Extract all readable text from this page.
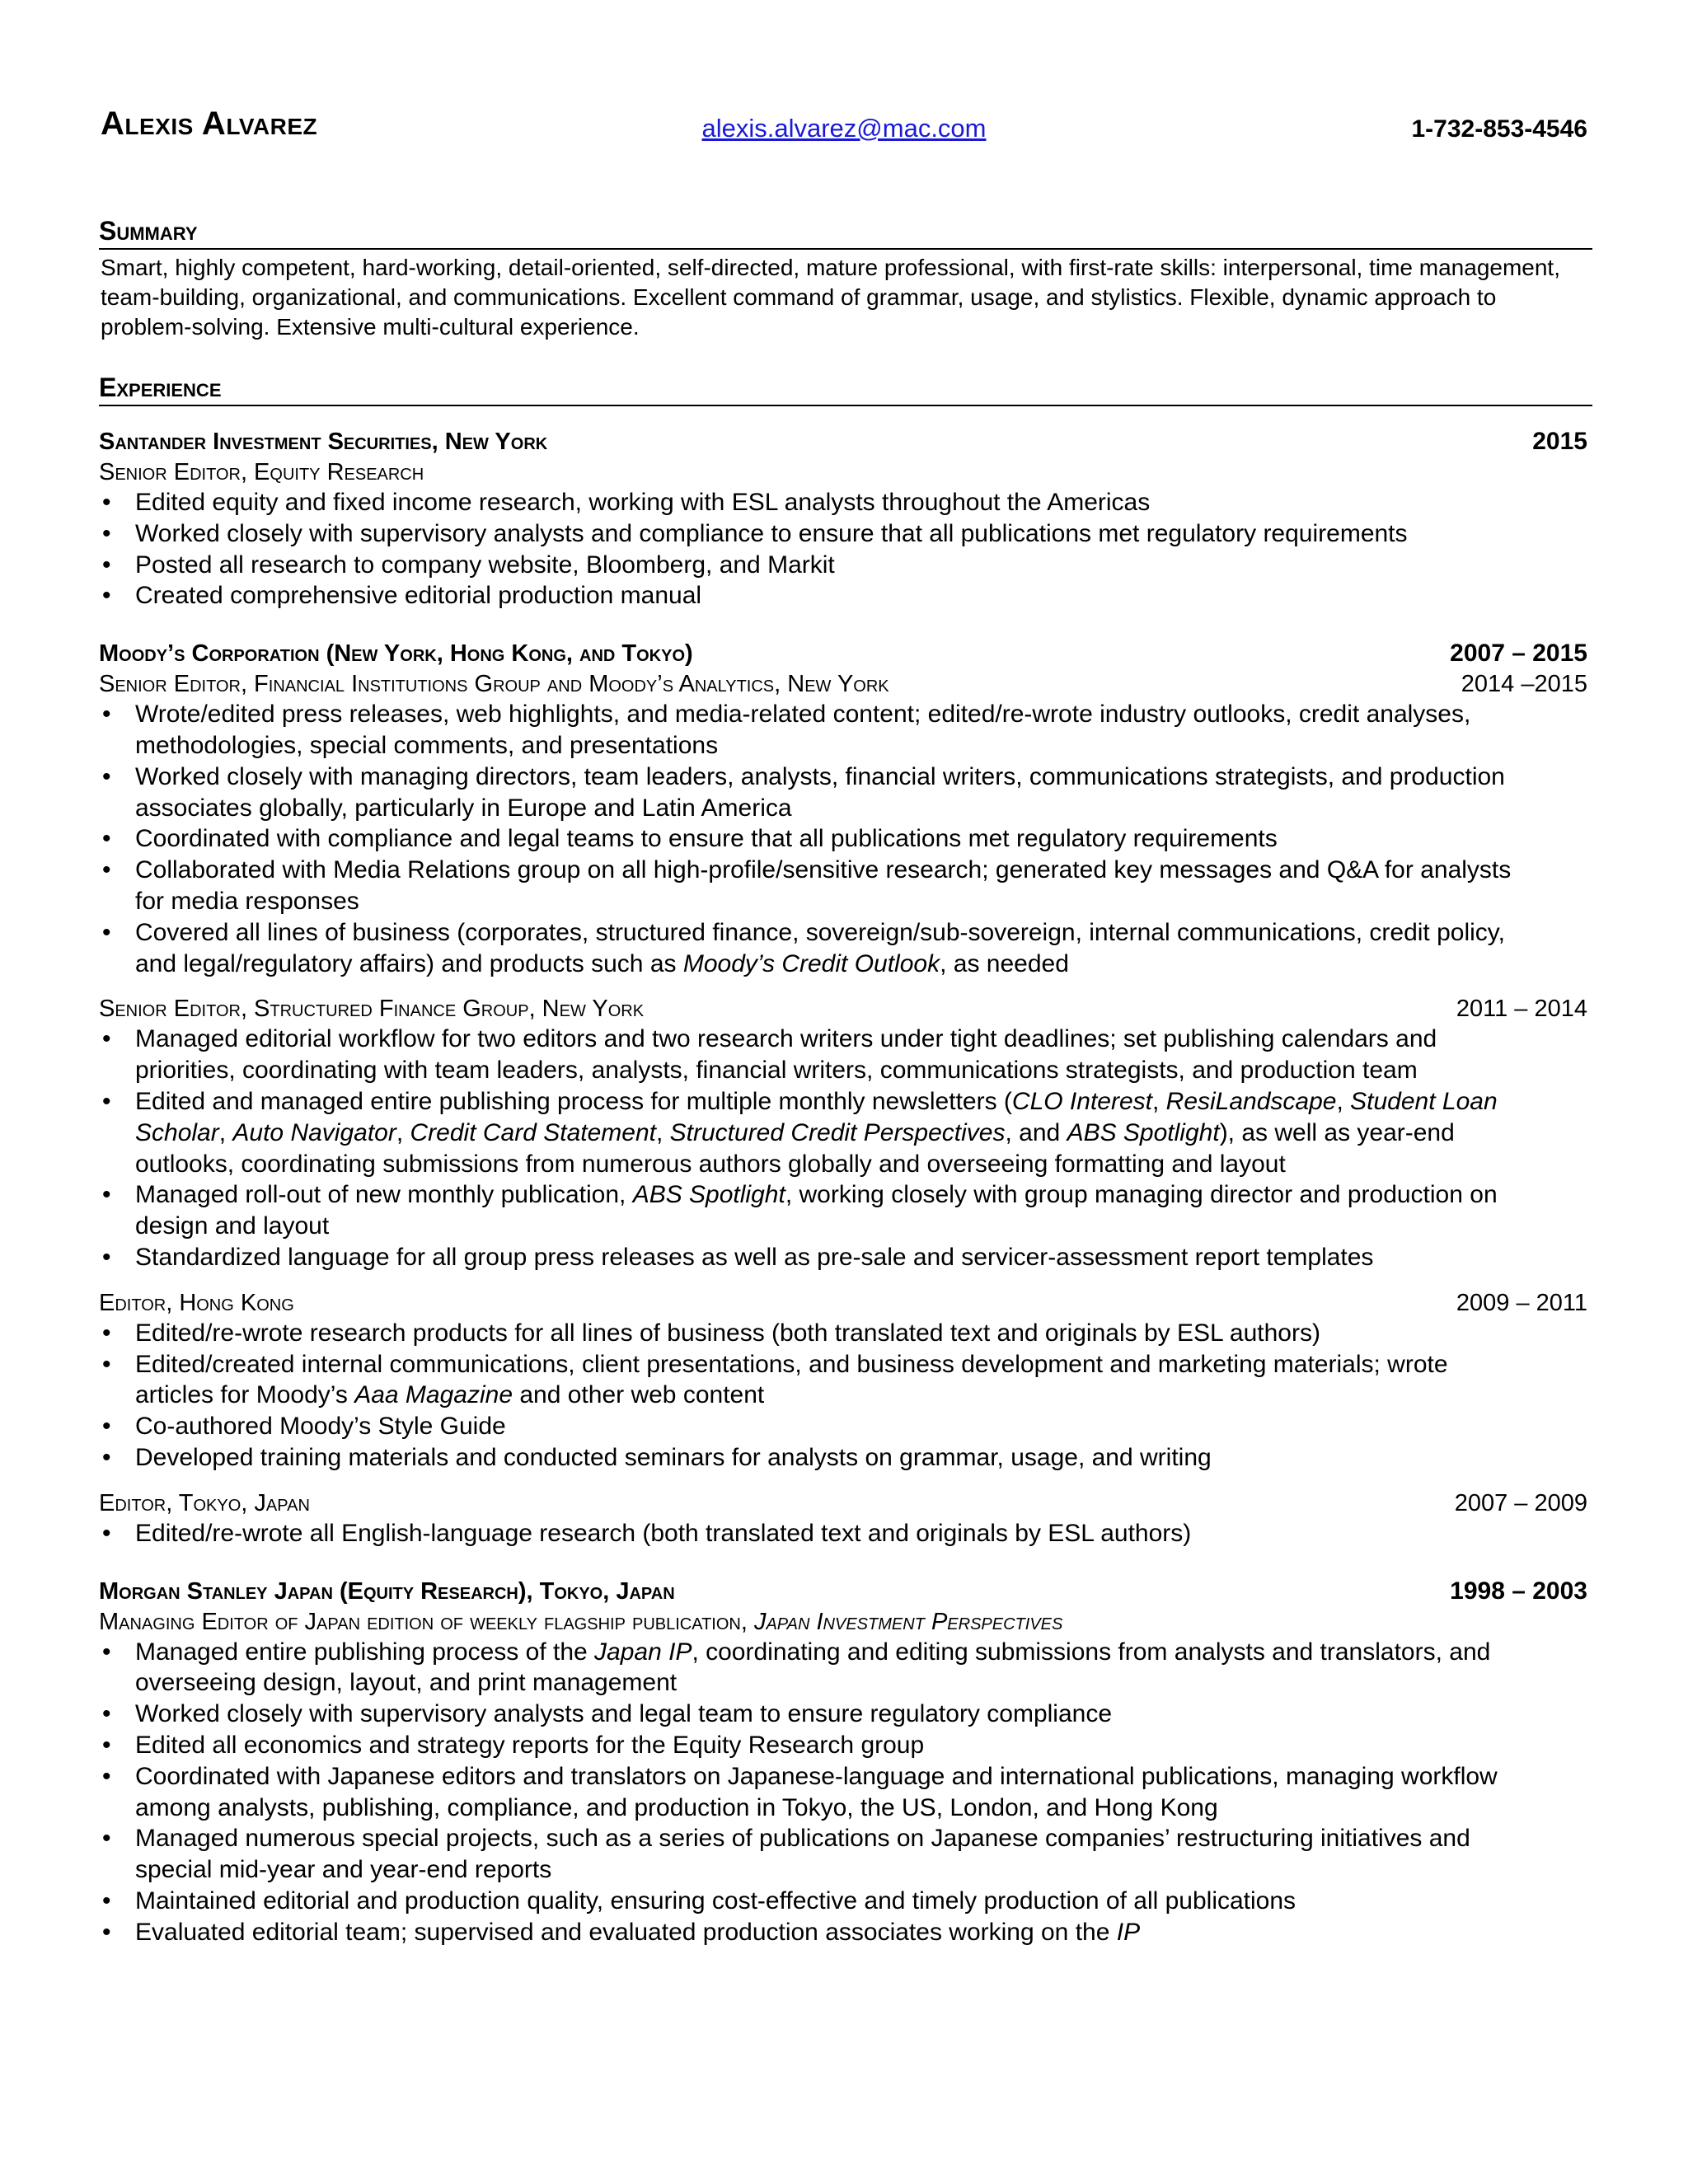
Alexis Alvarez	alexis.alvarez@mac.com	1-732-853-4546
Summary
Smart, highly competent, hard-working, detail-oriented, self-directed, mature professional, with first-rate skills: interpersonal, time management, team-building, organizational, and communications. Excellent command of grammar, usage, and stylistics. Flexible, dynamic approach to problem-solving. Extensive multi-cultural experience.
Experience
Santander Investment Securities, New York	2015
Senior Editor, Equity Research
• Edited equity and fixed income research, working with ESL analysts throughout the Americas
• Worked closely with supervisory analysts and compliance to ensure that all publications met regulatory requirements
• Posted all research to company website, Bloomberg, and Markit
• Created comprehensive editorial production manual
Moody’s Corporation (New York, Hong Kong, and Tokyo)	2007 – 2015
Senior Editor, Financial Institutions Group and Moody’s Analytics, New York	2014 –2015
• Wrote/edited press releases, web highlights, and media-related content; edited/re-wrote industry outlooks, credit analyses, methodologies, special comments, and presentations
• Worked closely with managing directors, team leaders, analysts, financial writers, communications strategists, and production associates globally, particularly in Europe and Latin America
• Coordinated with compliance and legal teams to ensure that all publications met regulatory requirements
• Collaborated with Media Relations group on all high-profile/sensitive research; generated key messages and Q&A for analysts for media responses
• Covered all lines of business (corporates, structured finance, sovereign/sub-sovereign, internal communications, credit policy, and legal/regulatory affairs) and products such as Moody’s Credit Outlook, as needed
Senior Editor, Structured Finance Group, New York	2011 – 2014
• Managed editorial workflow for two editors and two research writers under tight deadlines; set publishing calendars and priorities, coordinating with team leaders, analysts, financial writers, communications strategists, and production team
• Edited and managed entire publishing process for multiple monthly newsletters (CLO Interest, ResiLandscape, Student Loan Scholar, Auto Navigator, Credit Card Statement, Structured Credit Perspectives, and ABS Spotlight), as well as year-end outlooks, coordinating submissions from numerous authors globally and overseeing formatting and layout
• Managed roll-out of new monthly publication, ABS Spotlight, working closely with group managing director and production on design and layout
• Standardized language for all group press releases as well as pre-sale and servicer-assessment report templates
Editor, Hong Kong	2009 – 2011
• Edited/re-wrote research products for all lines of business (both translated text and originals by ESL authors)
• Edited/created internal communications, client presentations, and business development and marketing materials; wrote articles for Moody’s Aaa Magazine and other web content
• Co-authored Moody’s Style Guide
• Developed training materials and conducted seminars for analysts on grammar, usage, and writing
Editor, Tokyo, Japan	2007 – 2009
• Edited/re-wrote all English-language research (both translated text and originals by ESL authors)
Morgan Stanley Japan (Equity Research), Tokyo, Japan	1998 – 2003
Managing Editor of Japan edition of weekly flagship publication, Japan Investment Perspectives
• Managed entire publishing process of the Japan IP, coordinating and editing submissions from analysts and translators, and overseeing design, layout, and print management
• Worked closely with supervisory analysts and legal team to ensure regulatory compliance
• Edited all economics and strategy reports for the Equity Research group
• Coordinated with Japanese editors and translators on Japanese-language and international publications, managing workflow among analysts, publishing, compliance, and production in Tokyo, the US, London, and Hong Kong
• Managed numerous special projects, such as a series of publications on Japanese companies’ restructuring initiatives and special mid-year and year-end reports
• Maintained editorial and production quality, ensuring cost-effective and timely production of all publications
• Evaluated editorial team; supervised and evaluated production associates working on the IP
